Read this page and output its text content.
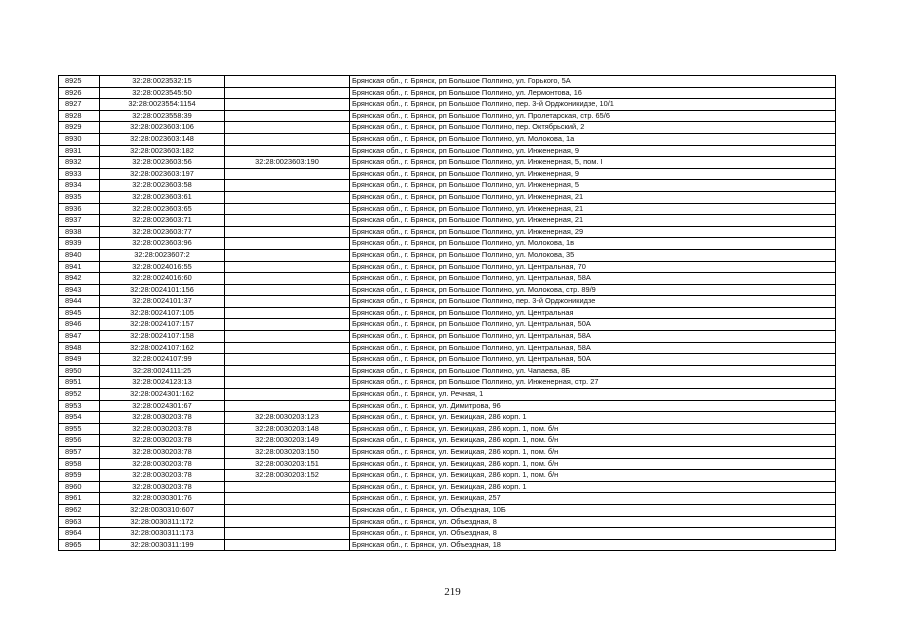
8925	32:28:0023532:15		Брянская обл., г. Брянск, рп Большое Полпино, ул. Горького, 5А
8926	32:28:0023545:50		Брянская обл., г. Брянск, рп Большое Полпино, ул. Лермонтова, 16
8927	32:28:0023554:1154		Брянская обл., г. Брянск, рп Большое Полпино, пер. 3-й Орджоникидзе, 10/1
8928	32:28:0023558:39		Брянская обл., г. Брянск, рп Большое Полпино, ул. Пролетарская, стр. 65/6
8929	32:28:0023603:106		Брянская обл., г. Брянск, рп Большое Полпино, пер. Октябрьский, 2
8930	32:28:0023603:148		Брянская обл., г. Брянск, рп Большое Полпино, ул. Молокова, 1а
8931	32:28:0023603:182		Брянская обл., г. Брянск, рп Большое Полпино, ул. Инженерная, 9
8932	32:28:0023603:56	32:28:0023603:190	Брянская обл., г. Брянск, рп Большое Полпино, ул. Инженерная, 5, пом. I
8933	32:28:0023603:197		Брянская обл., г. Брянск, рп Большое Полпино, ул. Инженерная, 9
8934	32:28:0023603:58		Брянская обл., г. Брянск, рп Большое Полпино, ул. Инженерная, 5
8935	32:28:0023603:61		Брянская обл., г. Брянск, рп Большое Полпино, ул. Инженерная, 21
8936	32:28:0023603:65		Брянская обл., г. Брянск, рп Большое Полпино, ул. Инженерная, 21
8937	32:28:0023603:71		Брянская обл., г. Брянск, рп Большое Полпино, ул. Инженерная, 21
8938	32:28:0023603:77		Брянская обл., г. Брянск, рп Большое Полпино, ул. Инженерная, 29
8939	32:28:0023603:96		Брянская обл., г. Брянск, рп Большое Полпино, ул. Молокова, 1в
8940	32:28:0023607:2		Брянская обл., г. Брянск, рп Большое Полпино, ул. Молокова, 35
8941	32:28:0024016:55		Брянская обл., г. Брянск, рп Большое Полпино, ул. Центральная, 70
8942	32:28:0024016:60		Брянская обл., г. Брянск, рп Большое Полпино, ул. Центральная, 58А
8943	32:28:0024101:156		Брянская обл., г. Брянск, рп Большое Полпино, ул. Молокова, стр. 89/9
8944	32:28:0024101:37		Брянская обл., г. Брянск, рп Большое Полпино, пер. 3-й Орджоникидзе
8945	32:28:0024107:105		Брянская обл., г. Брянск, рп Большое Полпино, ул. Центральная
8946	32:28:0024107:157		Брянская обл., г. Брянск, рп Большое Полпино, ул. Центральная, 50А
8947	32:28:0024107:158		Брянская обл., г. Брянск, рп Большое Полпино, ул. Центральная, 58А
8948	32:28:0024107:162		Брянская обл., г. Брянск, рп Большое Полпино, ул. Центральная, 58А
8949	32:28:0024107:99		Брянская обл., г. Брянск, рп Большое Полпино, ул. Центральная, 50А
8950	32:28:0024111:25		Брянская обл., г. Брянск, рп Большое Полпино, ул. Чапаева, 8Б
8951	32:28:0024123:13		Брянская обл., г. Брянск, рп Большое Полпино, ул. Инженерная, стр. 27
8952	32:28:0024301:162		Брянская обл., г. Брянск, ул. Речная, 1
8953	32:28:0024301:67		Брянская обл., г. Брянск, ул. Димитрова, 96
8954	32:28:0030203:78	32:28:0030203:123	Брянская обл., г. Брянск, ул. Бежицкая, 286 корп. 1
8955	32:28:0030203:78	32:28:0030203:148	Брянская обл., г. Брянск, ул. Бежицкая, 286 корп. 1, пом. б/н
8956	32:28:0030203:78	32:28:0030203:149	Брянская обл., г. Брянск, ул. Бежицкая, 286 корп. 1, пом. б/н
8957	32:28:0030203:78	32:28:0030203:150	Брянская обл., г. Брянск, ул. Бежицкая, 286 корп. 1, пом. б/н
8958	32:28:0030203:78	32:28:0030203:151	Брянская обл., г. Брянск, ул. Бежицкая, 286 корп. 1, пом. б/н
8959	32:28:0030203:78	32:28:0030203:152	Брянская обл., г. Брянск, ул. Бежицкая, 286 корп. 1, пом. б/н
8960	32:28:0030203:78		Брянская обл., г. Брянск, ул. Бежицкая, 286 корп. 1
8961	32:28:0030301:76		Брянская обл., г. Брянск, ул. Бежицкая, 257
8962	32:28:0030310:607		Брянская обл., г. Брянск, ул. Объездная, 10Б
8963	32:28:0030311:172		Брянская обл., г. Брянск, ул. Объездная, 8
8964	32:28:0030311:173		Брянская обл., г. Брянск, ул. Объездная, 8
8965	32:28:0030311:199		Брянская обл., г. Брянск, ул. Объездная, 18
219
